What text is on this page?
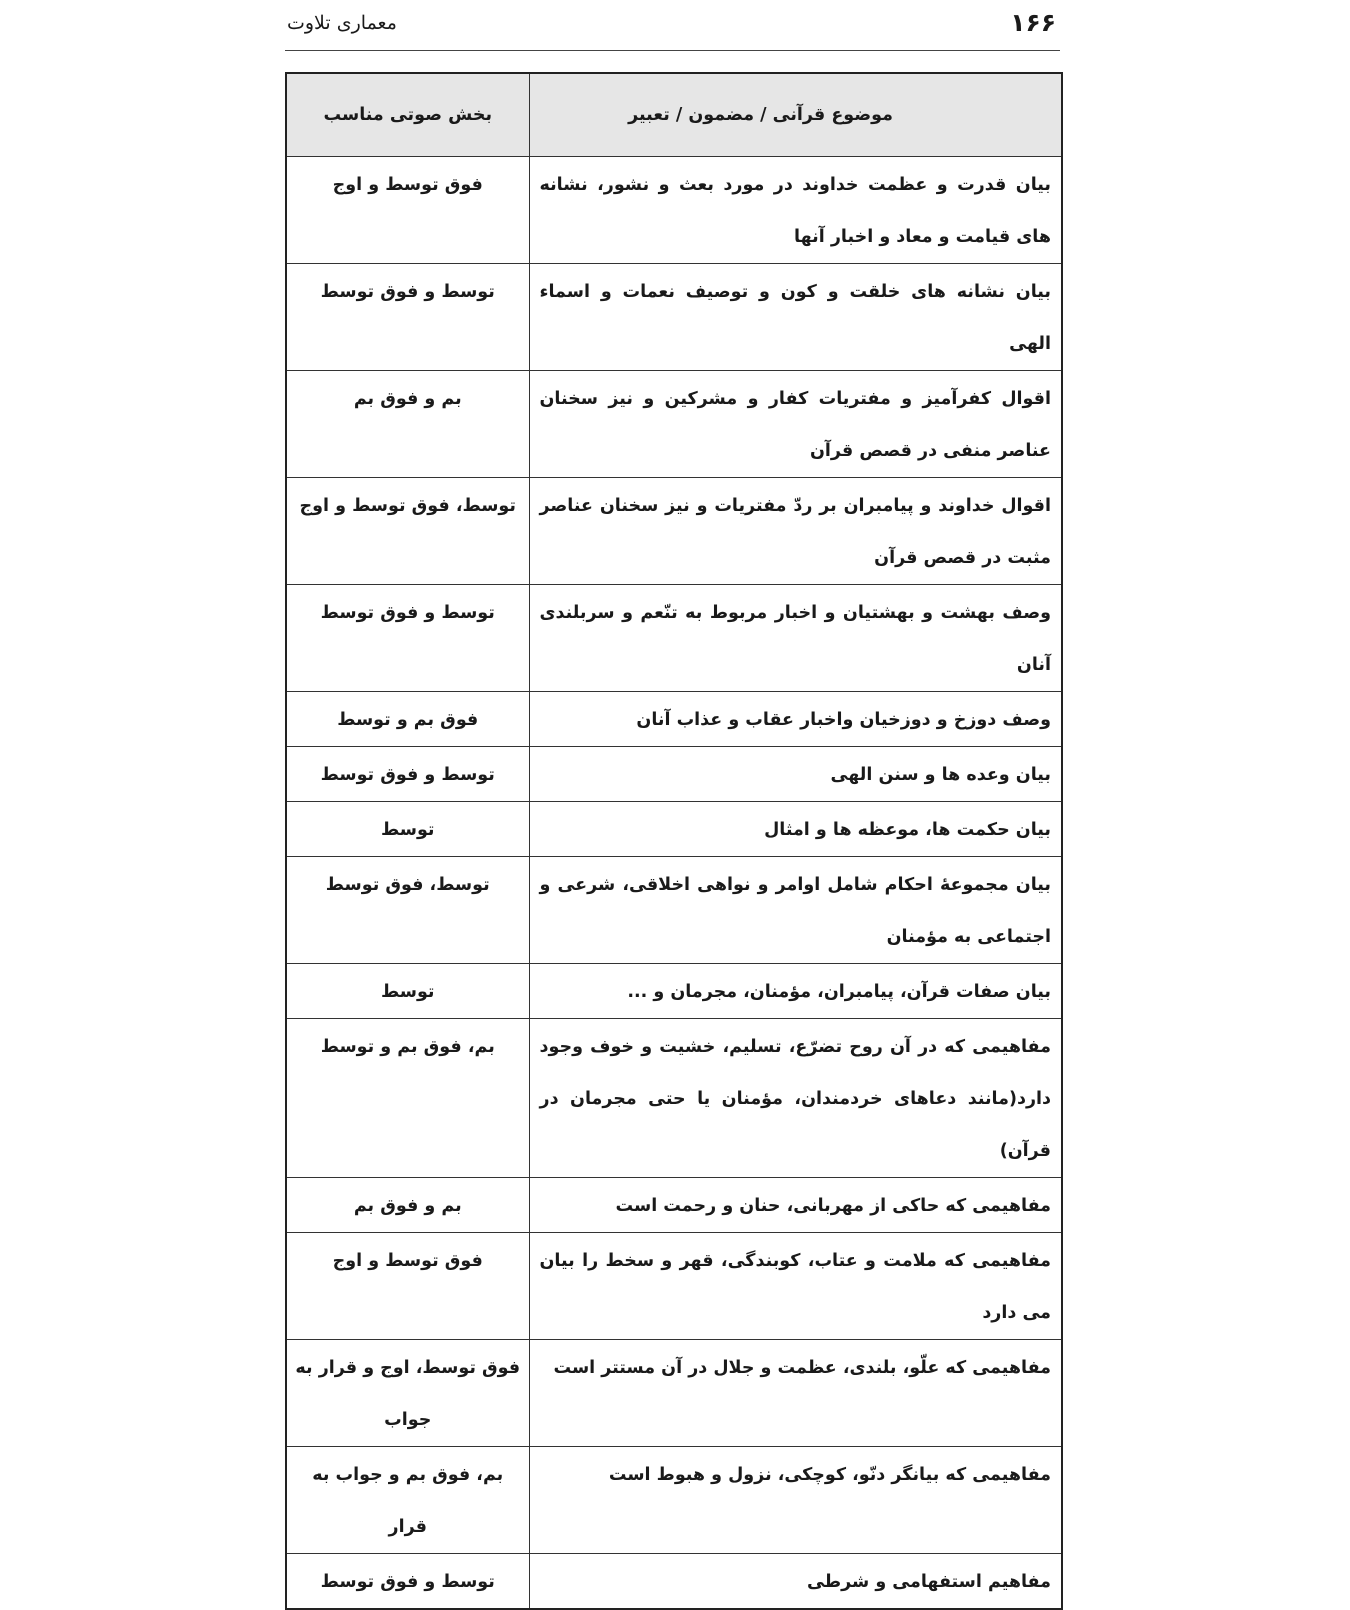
۱۶۶
معماری تلاوت
موضوع قرآنی / مضمون / تعبیر	بخش صوتی مناسب
بیان قدرت و عظمت خداوند در مورد بعث و نشور، نشانه های قیامت و معاد و اخبار آنها	فوق توسط و اوج
بیان نشانه های خلقت و کون و توصیف نعمات و اسماء الهی	توسط و فوق توسط
اقوال کفرآمیز و مفتریات کفار و مشرکین و نیز سخنان عناصر منفی در قصص قرآن	بم و فوق بم
اقوال خداوند و پیامبران بر ردّ مفتریات و نیز سخنان عناصر مثبت در قصص قرآن	توسط، فوق توسط و اوج
وصف بهشت و بهشتیان و اخبار مربوط به تنّعم و سربلندی آنان	توسط و فوق توسط
وصف دوزخ و دوزخیان واخبار عقاب و عذاب آنان	فوق بم و توسط
بیان وعده ها و سنن الهی	توسط و فوق توسط
بیان حکمت ها، موعظه ها و امثال	توسط
بیان مجموعهٔ احکام شامل اوامر و نواهی اخلاقی، شرعی و اجتماعی به مؤمنان	توسط، فوق توسط
بیان صفات قرآن، پیامبران، مؤمنان، مجرمان و ...	توسط
مفاهیمی که در آن روح تضرّع، تسلیم، خشیت و خوف وجود دارد(مانند دعاهای خردمندان، مؤمنان یا حتی مجرمان در قرآن)	بم، فوق بم و توسط
مفاهیمی که حاکی از مهربانی، حنان و رحمت است	بم و فوق بم
مفاهیمی که ملامت و عتاب، کوبندگی، قهر و سخط را بیان می دارد	فوق توسط و اوج
مفاهیمی که علّو، بلندی، عظمت و جلال در آن مستتر است	فوق توسط، اوج و قرار به جواب
مفاهیمی که بیانگر دنّو، کوچکی، نزول و هبوط است	بم، فوق بم و جواب به قرار
مفاهیم استفهامی و شرطی	توسط و فوق توسط
